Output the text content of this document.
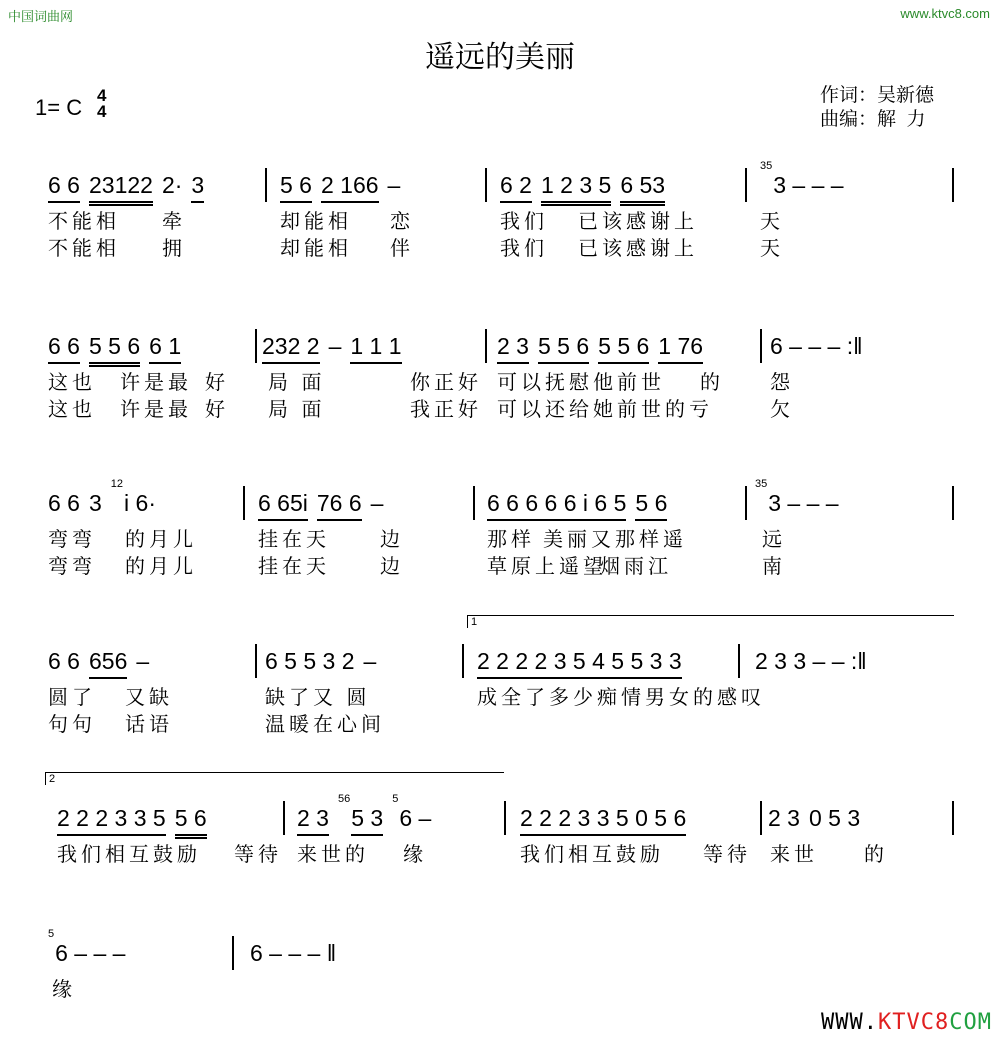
中国词曲网	www.ktvc8.com
遥远的美丽
1= C 4
4
作词：吴新德
曲编：解  力
6 6 23122 2· 3	5 6 2 166 –	6 2 1 2 3 5 6 53
35
3 – – –
不能相 牵	却能相 恋	我们 已该感谢上	天
不能相 拥	却能相 伴	我们 已该感谢上	天
6 6 5 5 6 6 1	232 2 – 1 1 1	2 3 5 5 6 5 5 6 1 76	6 – – – :‖
这也 许是最 好 局 面	你正好 可以抚慰他前世 的 怨
这也 许是最 好 局 面	我正好 可以还给她前世的亏	欠
6 6 3
12
i 6·	6 65i 76 6 –	6 6 6 6 6 i 6 5 5 6
35
3 – – –
弯弯 的月儿	挂在天	边	那样 美丽又那样遥	远
弯弯 的月儿	挂在天	边	草原上遥望
烟雨江	南
6 6 656 –	6 5 5 3 2 –	2 2 2 2 3 5 4 5 5 3 3	2 3 3 – – :‖
1
圆了 又缺	缺了又 圆	成全了多少痴情男女的感叹
句句 话语	温暖在心间
2 2 2 3 3 5 5 6	2 3
56
5 3
5
6 –	2 2 2 3 3 5 0 5 6	2 3 0 5 3
2
我们相互鼓励 等待 来世的 缘	我们相互鼓励 等待 来世 的
5
6 – – –	6 – – – ‖
缘
WWW.KTVC8COM
